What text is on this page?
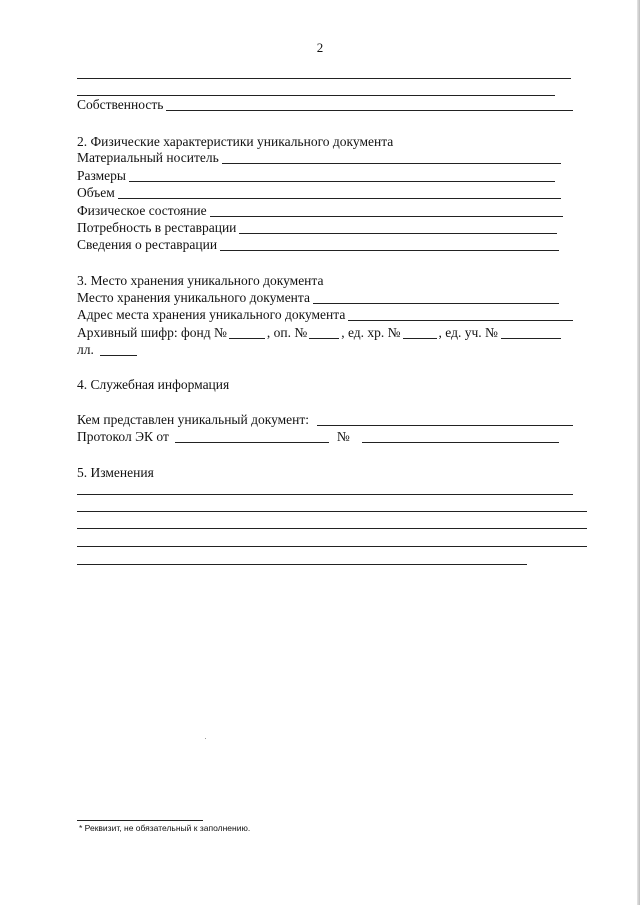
2
Собственность
2. Физические характеристики уникального документа
Материальный носитель
Размеры
Объем
Физическое состояние
Потребность в реставрации
Сведения о реставрации
3. Место хранения уникального документа
Место хранения уникального документа
Адрес места хранения уникального документа
Архивный шифр: фонд №	, оп. №	, ед. хр. №	, ед. уч. №
лл.
4. Служебная информация
Кем представлен уникальный документ:
Протокол ЭК от	№
5. Изменения
* Реквизит, не обязательный к заполнению.
